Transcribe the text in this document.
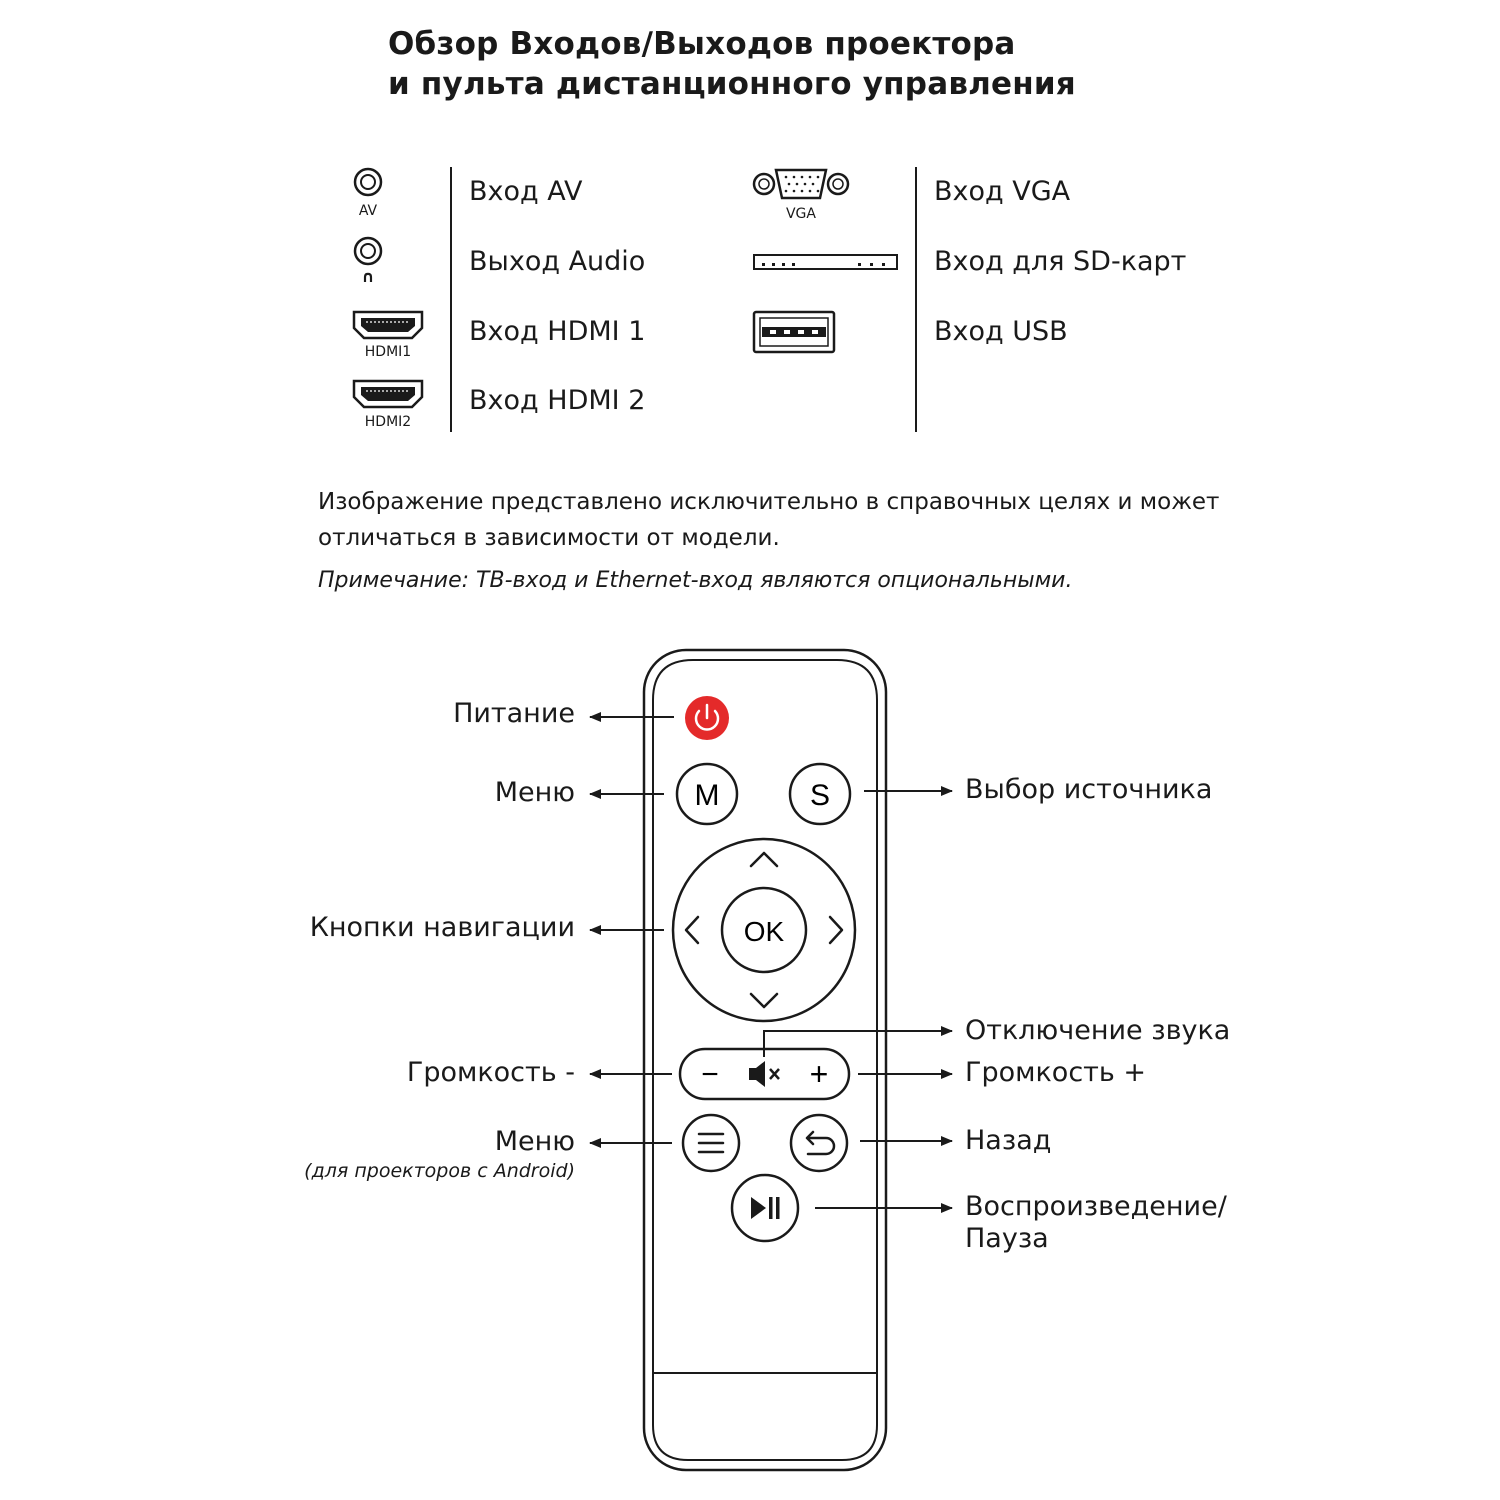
Обзор Входов/Выходов проектора
и пульта дистанционного управления
AV
∩
HDMI1
HDMI2
VGA
Вход AV
Выход Audio
Вход HDMI 1
Вход HDMI 2
Вход VGA
Вход для SD-карт
Вход USB
Изображение представлено исключительно в справочных целях и может отличаться в зависимости от модели.
Примечание: ТВ-вход и Ethernet-вход являются опциональными.
M	S
OK
−	+
Питание
Меню
Кнопки навигации
Громкость -
Меню
(для проекторов с Android)
Выбор источника
Отключение звука
Громкость +
Назад
Воспроизведение/
Пауза
